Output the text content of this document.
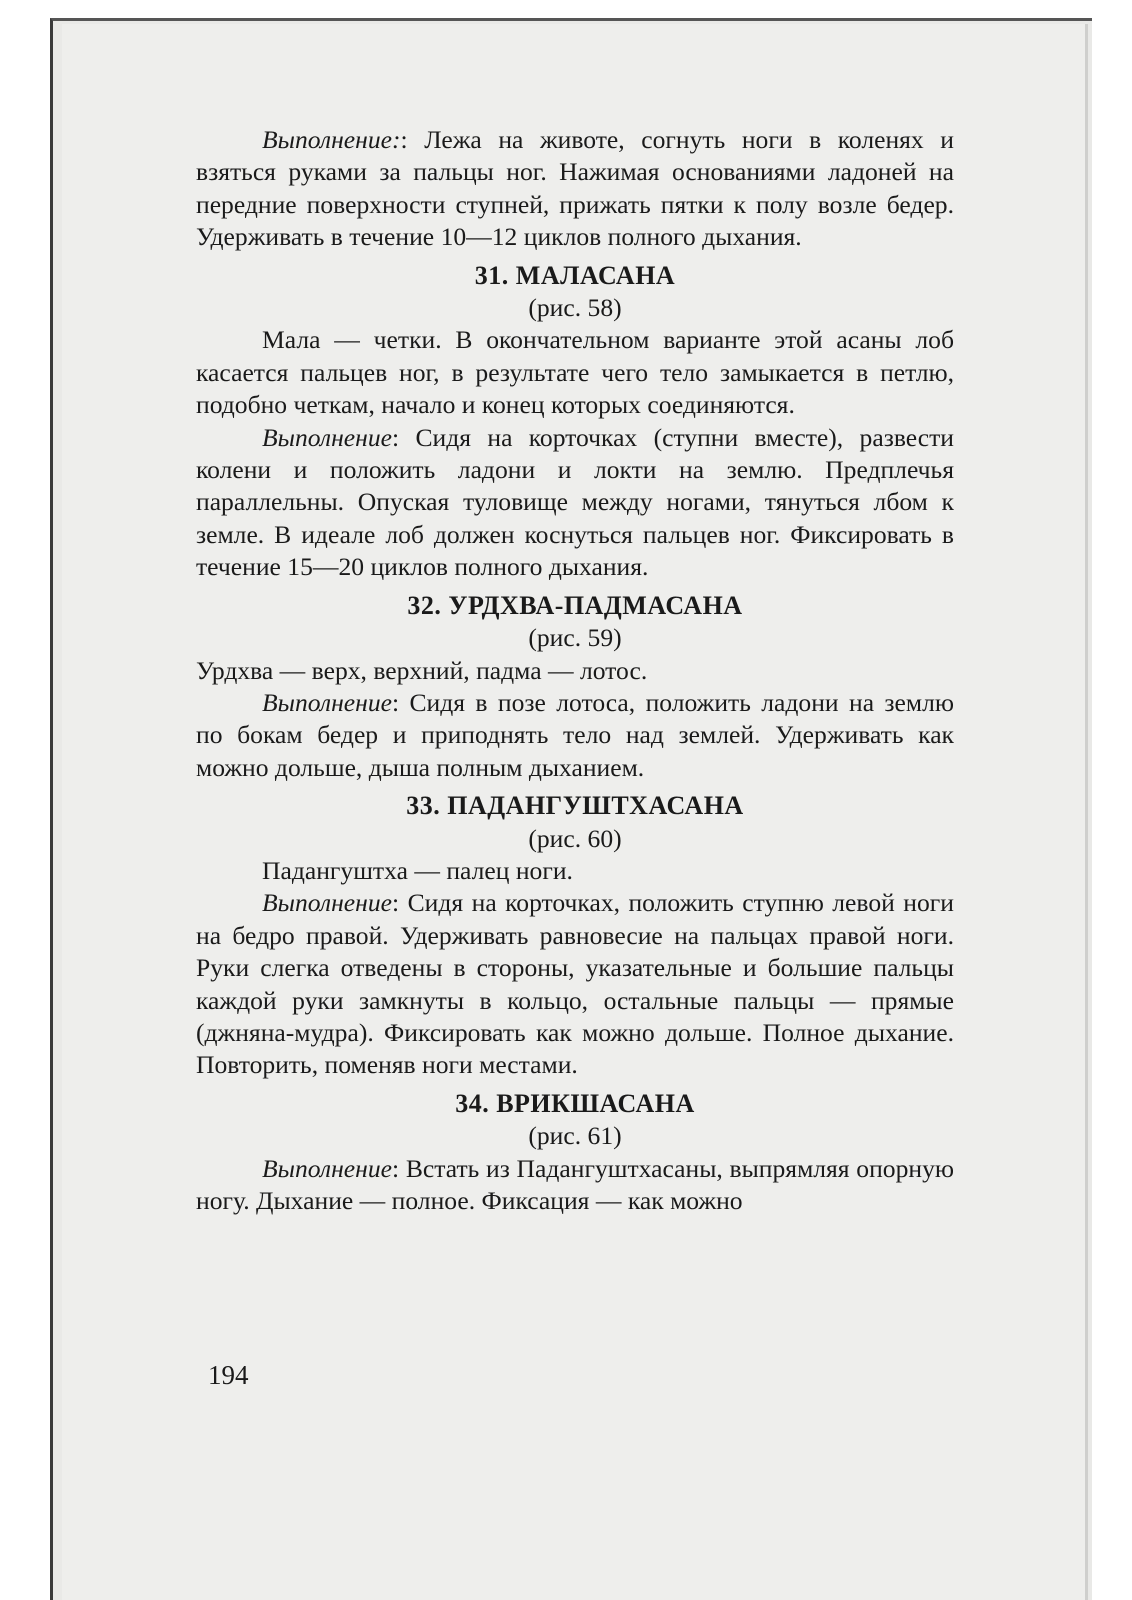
Выполнение:: Лежа на животе, согнуть ноги в коленях и взяться руками за пальцы ног. Нажимая основаниями ладоней на передние поверхности ступней, прижать пятки к полу возле бедер. Удерживать в течение 10—12 циклов полного дыхания.

31. МАЛАСАНА

(рис. 58)

Мала — четки. В окончательном варианте этой асаны лоб касается пальцев ног, в результате чего тело замыкается в петлю, подобно четкам, начало и конец которых соединяются.

Выполнение: Сидя на корточках (ступни вместе), развести колени и положить ладони и локти на землю. Предплечья параллельны. Опуская туловище между ногами, тянуться лбом к земле. В идеале лоб должен коснуться пальцев ног. Фиксировать в течение 15—20 циклов полного дыхания.

32. УРДХВА-ПАДМАСАНА

(рис. 59)

Урдхва — верх, верхний, падма — лотос.

Выполнение: Сидя в позе лотоса, положить ладони на землю по бокам бедер и приподнять тело над землей. Удерживать как можно дольше, дыша полным дыханием.

33. ПАДАНГУШТХАСАНА

(рис. 60)

Падангуштха — палец ноги.

Выполнение: Сидя на корточках, положить ступню левой ноги на бедро правой. Удерживать равновесие на пальцах правой ноги. Руки слегка отведены в стороны, указательные и большие пальцы каждой руки замкнуты в кольцо, остальные пальцы — прямые (джняна-мудра). Фиксировать как можно дольше. Полное дыхание. Повторить, поменяв ноги местами.

34. ВРИКШАСАНА

(рис. 61)

Выполнение: Встать из Падангуштхасаны, выпрямляя опорную ногу. Дыхание — полное. Фиксация — как можно

194
